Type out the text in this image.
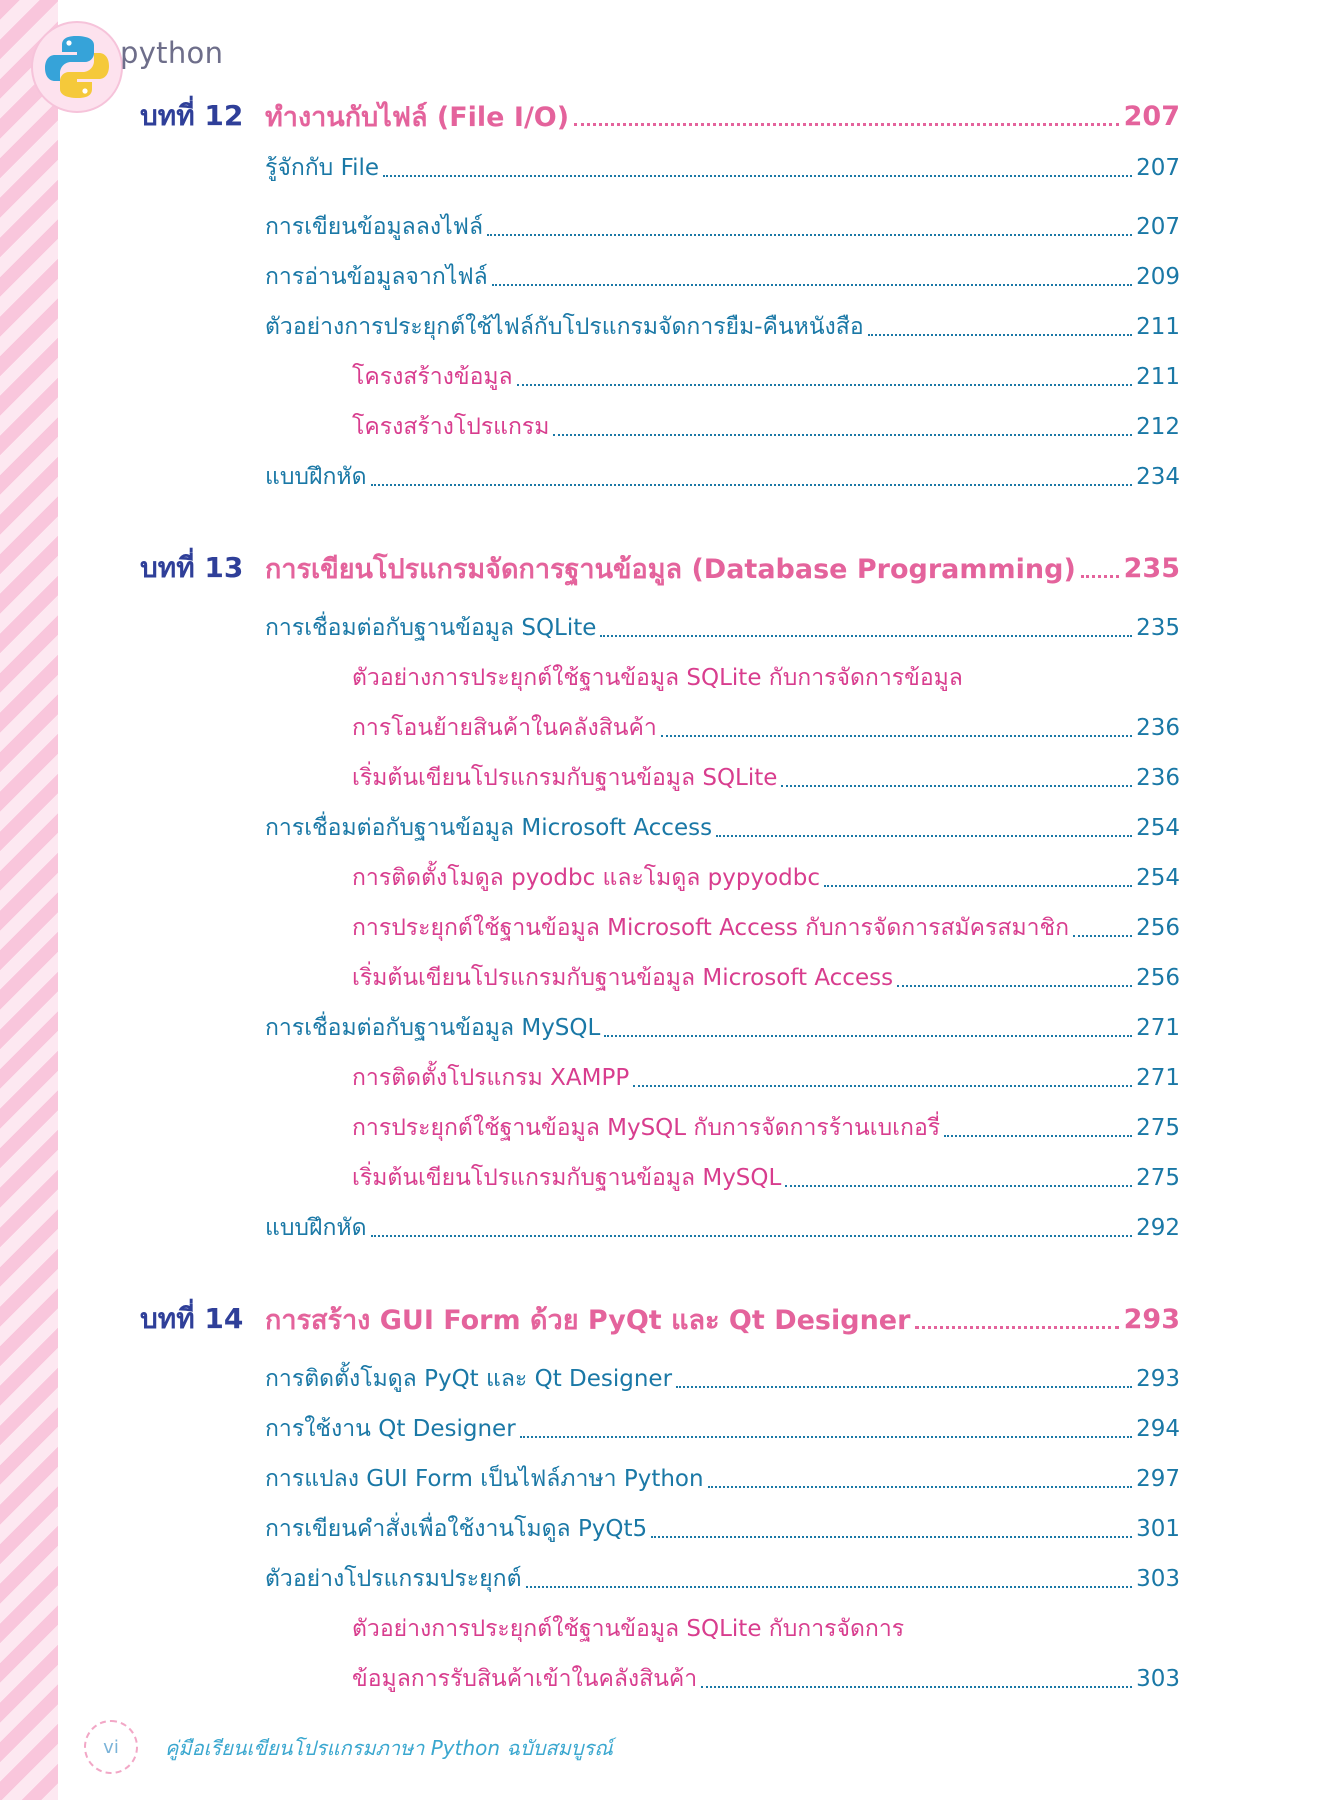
python
บทที่ 12 ทำงานกับไฟล์ (File I/O)	207
รู้จักกับ File	207
การเขียนข้อมูลลงไฟล์	207
การอ่านข้อมูลจากไฟล์	209
ตัวอย่างการประยุกต์ใช้ไฟล์กับโปรแกรมจัดการยืม-คืนหนังสือ	211
โครงสร้างข้อมูล	211
โครงสร้างโปรแกรม	212
แบบฝึกหัด	234
บทที่ 13 การเขียนโปรแกรมจัดการฐานข้อมูล (Database Programming) 235
การเชื่อมต่อกับฐานข้อมูล SQLite	235
ตัวอย่างการประยุกต์ใช้ฐานข้อมูล SQLite กับการจัดการข้อมูล
การโอนย้ายสินค้าในคลังสินค้า	236
เริ่มต้นเขียนโปรแกรมกับฐานข้อมูล SQLite	236
การเชื่อมต่อกับฐานข้อมูล Microsoft Access	254
การติดตั้งโมดูล pyodbc และโมดูล pypyodbc	254
การประยุกต์ใช้ฐานข้อมูล Microsoft Access กับการจัดการสมัครสมาชิก	256
เริ่มต้นเขียนโปรแกรมกับฐานข้อมูล Microsoft Access	256
การเชื่อมต่อกับฐานข้อมูล MySQL	271
การติดตั้งโปรแกรม XAMPP	271
การประยุกต์ใช้ฐานข้อมูล MySQL กับการจัดการร้านเบเกอรี่	275
เริ่มต้นเขียนโปรแกรมกับฐานข้อมูล MySQL	275
แบบฝึกหัด	292
บทที่ 14 การสร้าง GUI Form ด้วย PyQt และ Qt Designer	293
การติดตั้งโมดูล PyQt และ Qt Designer	293
การใช้งาน Qt Designer	294
การแปลง GUI Form เป็นไฟล์ภาษา Python	297
การเขียนคำสั่งเพื่อใช้งานโมดูล PyQt5	301
ตัวอย่างโปรแกรมประยุกต์	303
ตัวอย่างการประยุกต์ใช้ฐานข้อมูล SQLite กับการจัดการ
ข้อมูลการรับสินค้าเข้าในคลังสินค้า	303
vi	คู่มือเรียนเขียนโปรแกรมภาษา Python ฉบับสมบูรณ์
